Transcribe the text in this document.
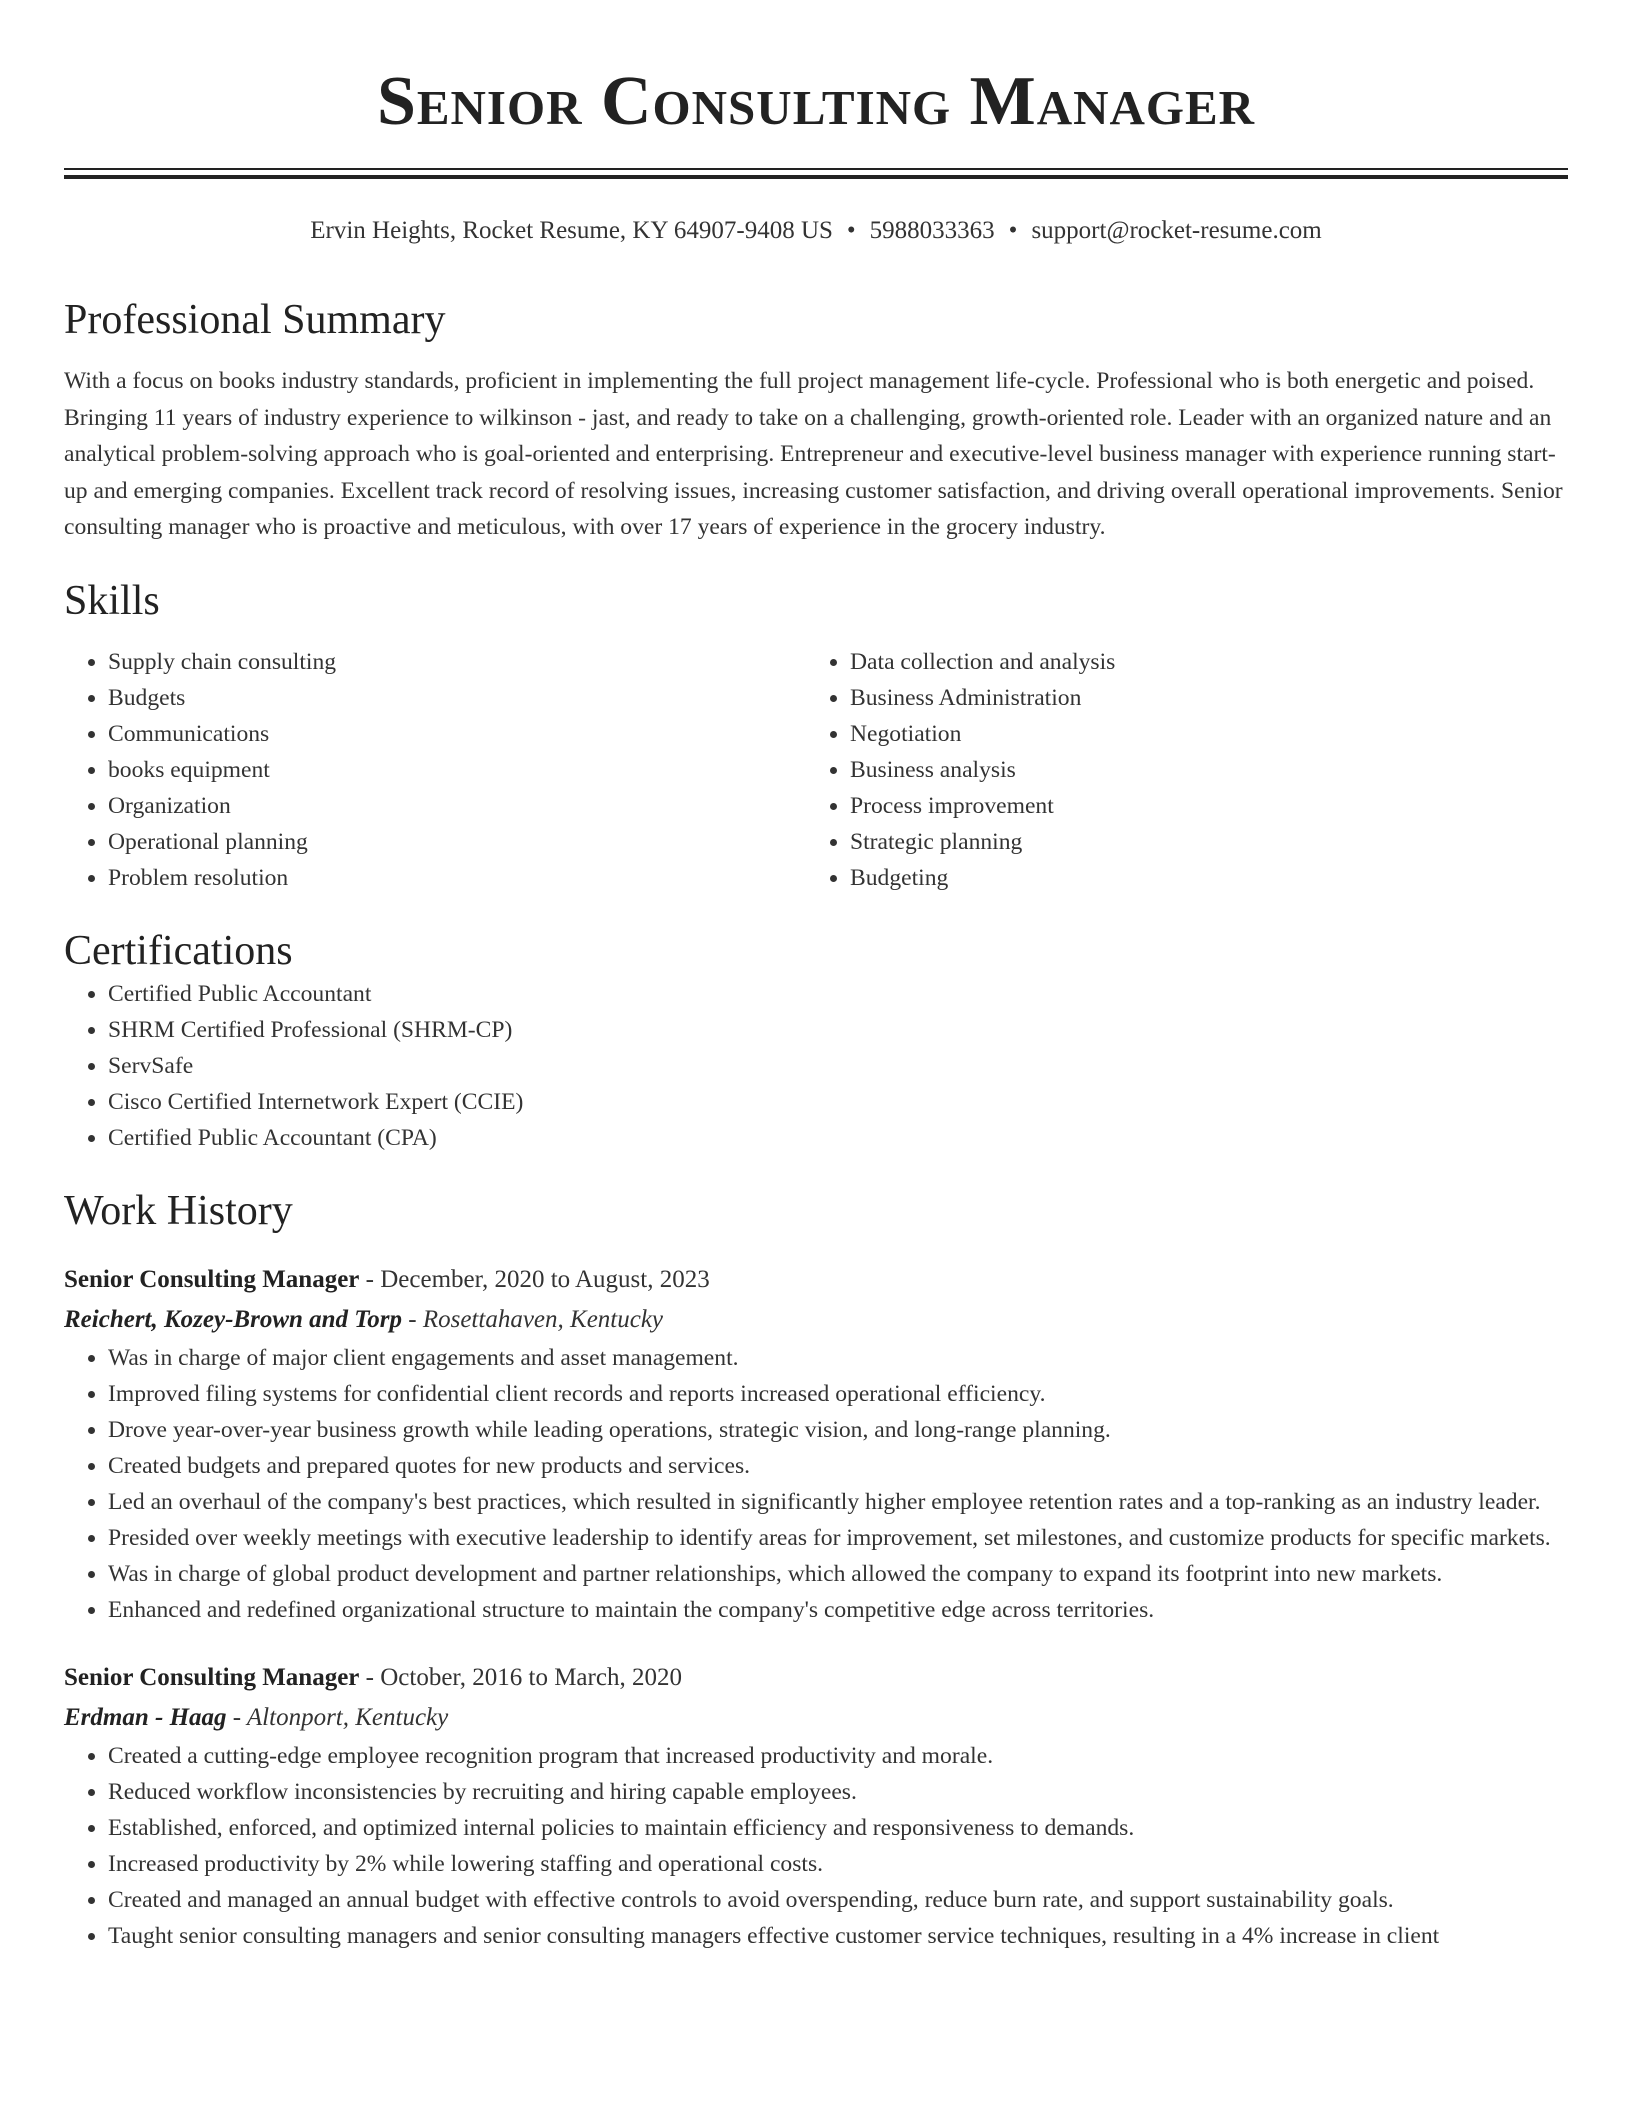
Senior Consulting Manager
Ervin Heights, Rocket Resume, KY 64907-9408 US • 5988033363 • support@rocket-resume.com
Professional Summary
With a focus on books industry standards, proficient in implementing the full project management life-cycle. Professional who is both energetic and poised. Bringing 11 years of industry experience to wilkinson - jast, and ready to take on a challenging, growth-oriented role. Leader with an organized nature and an analytical problem-solving approach who is goal-oriented and enterprising. Entrepreneur and executive-level business manager with experience running start-up and emerging companies. Excellent track record of resolving issues, increasing customer satisfaction, and driving overall operational improvements. Senior consulting manager who is proactive and meticulous, with over 17 years of experience in the grocery industry.
Skills
• Supply chain consulting
• Budgets
• Communications
• books equipment
• Organization
• Operational planning
• Problem resolution
• Data collection and analysis
• Business Administration
• Negotiation
• Business analysis
• Process improvement
• Strategic planning
• Budgeting
Certifications
• Certified Public Accountant
• SHRM Certified Professional (SHRM-CP)
• ServSafe
• Cisco Certified Internetwork Expert (CCIE)
• Certified Public Accountant (CPA)
Work History
Senior Consulting Manager - December, 2020 to August, 2023
Reichert, Kozey-Brown and Torp - Rosettahaven, Kentucky
• Was in charge of major client engagements and asset management.
• Improved filing systems for confidential client records and reports increased operational efficiency.
• Drove year-over-year business growth while leading operations, strategic vision, and long-range planning.
• Created budgets and prepared quotes for new products and services.
• Led an overhaul of the company's best practices, which resulted in significantly higher employee retention rates and a top-ranking as an industry leader.
• Presided over weekly meetings with executive leadership to identify areas for improvement, set milestones, and customize products for specific markets.
• Was in charge of global product development and partner relationships, which allowed the company to expand its footprint into new markets.
• Enhanced and redefined organizational structure to maintain the company's competitive edge across territories.
Senior Consulting Manager - October, 2016 to March, 2020
Erdman - Haag - Altonport, Kentucky
• Created a cutting-edge employee recognition program that increased productivity and morale.
• Reduced workflow inconsistencies by recruiting and hiring capable employees.
• Established, enforced, and optimized internal policies to maintain efficiency and responsiveness to demands.
• Increased productivity by 2% while lowering staffing and operational costs.
• Created and managed an annual budget with effective controls to avoid overspending, reduce burn rate, and support sustainability goals.
• Taught senior consulting managers and senior consulting managers effective customer service techniques, resulting in a 4% increase in client
